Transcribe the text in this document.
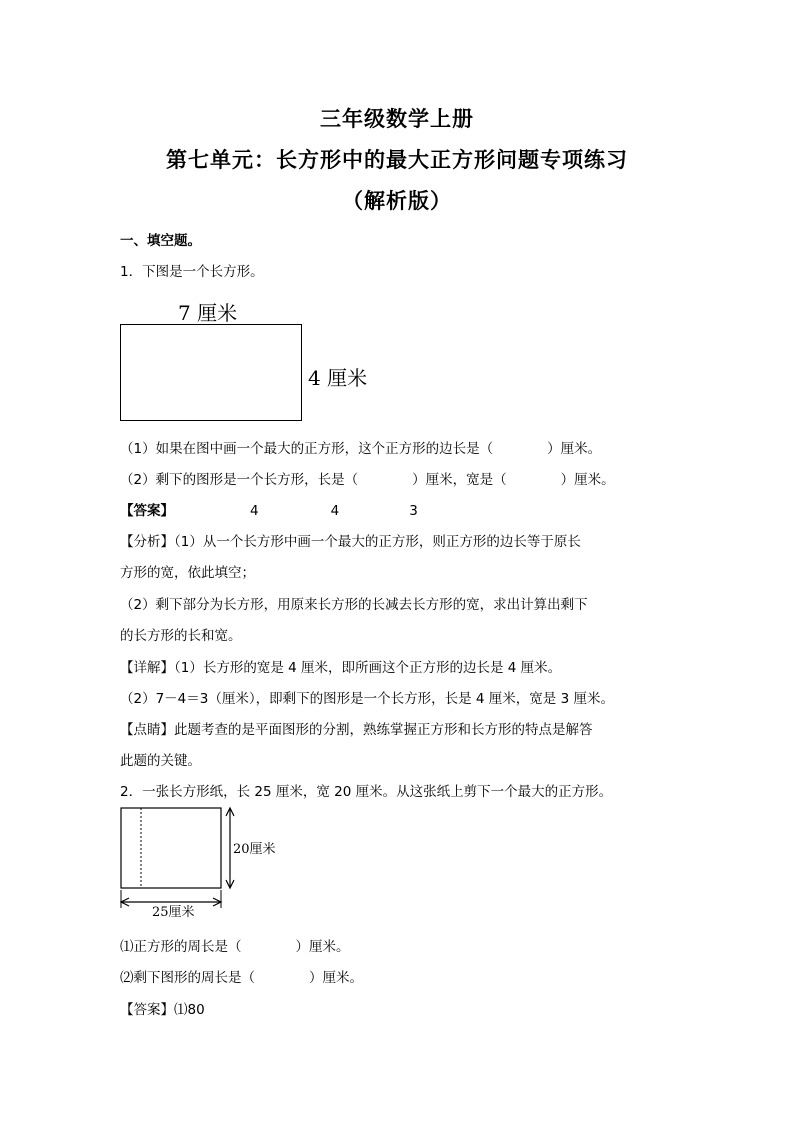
三年级数学上册
第七单元：长方形中的最大正方形问题专项练习
（解析版）
一、填空题。
1．下图是一个长方形。
7 厘米
4 厘米
（1）如果在图中画一个最大的正方形，这个正方形的边长是（　　　　）厘米。
（2）剩下的图形是一个长方形，长是（　　　　）厘米，宽是（　　　　）厘米。
【答案】	4	4	3
【分析】（1）从一个长方形中画一个最大的正方形，则正方形的边长等于原长
方形的宽，依此填空；
（2）剩下部分为长方形，用原来长方形的长减去长方形的宽，求出计算出剩下
的长方形的长和宽。
【详解】（1）长方形的宽是 4 厘米，即所画这个正方形的边长是 4 厘米。
（2）7－4＝3（厘米），即剩下的图形是一个长方形，长是 4 厘米，宽是 3 厘米。
【点睛】此题考查的是平面图形的分割，熟练掌握正方形和长方形的特点是解答
此题的关键。
2．一张长方形纸，长 25 厘米，宽 20 厘米。从这张纸上剪下一个最大的正方形。
20厘米
25厘米
⑴正方形的周长是（　　　　）厘米。
⑵剩下图形的周长是（　　　　）厘米。
【答案】⑴80
